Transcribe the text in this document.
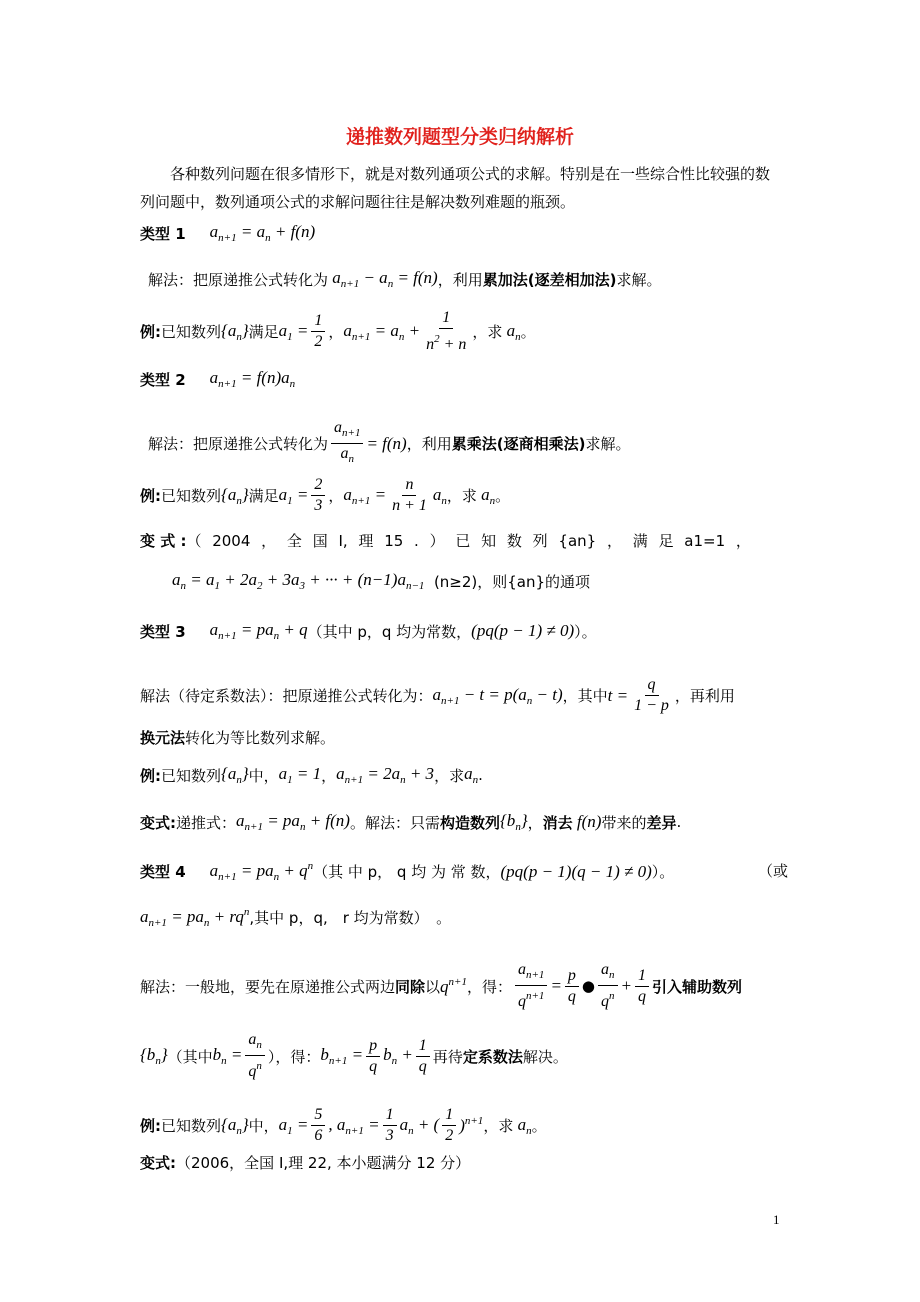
递推数列题型分类归纳解析
各种数列问题在很多情形下，就是对数列通项公式的求解。特别是在一些综合性比较强的数列问题中，数列通项公式的求解问题往往是解决数列难题的瓶颈。
类型 1 $a_{n+1} = a_n + f(n)$
解法：把原递推公式转化为 $a_{n+1} - a_n = f(n)$ ，利用 累加法(逐差相加法) 求解。
例: 已知数列 $\{a_n\}$ 满足 $a_1 = \frac{1}{2}$ ， $a_{n+1} = a_n + \frac{1}{n^2 + n}$ ，求 $a_n$ 。
类型 2 $a_{n+1} = f(n)a_n$
解法：把原递推公式转化为 $\frac{a_{n+1}}{a_n} = f(n)$ ，利用 累乘法(逐商相乘法) 求解。
例: 已知数列 $\{a_n\}$ 满足 $a_1 = \frac{2}{3}$ ， $a_{n+1} = \frac{n}{n + 1} a_n$ ，求 $a_n$ 。
变 式 : （ 2004 ， 全 国 I, 理 15 . ） 已 知 数 列 {an} ， 满 足 a1=1 ，
$a_n = a_1 + 2a_2 + 3a_3$ + ··· + $(n-1)a_{n-1}$
(n≥2)，则{an}的通项
类型 3 $a_{n+1} = pa_n + q$ （其中 p，q 均为常数， (pq(p − 1) ≠ 0) ）。
解法（待定系数法）：把原递推公式转化为： $a_{n+1} - t = p(a_n - t)$ ，其中 $t = \frac{q}{1 - p}$ ，再利用
换元法 转化为等比数列求解。
例: 已知数列 $\{a_n\}$ 中， $a_1 = 1$ ， $a_{n+1} = 2a_n + 3$ ，求 $a_n$ .
变式: 递推式： $a_{n+1} = pa_n + f(n)$ 。解法：只需 构造数列 $\{b_n\}$ ， 消去 f(n) 带来的 差异 .
类型 4 $a_{n+1} = pa_n + q^n$ （其 中 p， q 均 为 常 数， (pq(p − 1)(q − 1) ≠ 0) ）。	（或
$a_{n+1} = pa_n + rq^n$ ,其中 p，q,　r 均为常数）　。
解法：一般地，要先在原递推公式两边 同除 以 $q^{n+1}$ ，得： $\frac{a_{n+1}}{q^{n+1}} = \frac{p}{q}$ ● $\frac{a_n}{q^n} + \frac{1}{q}$ 引入辅助数列
$\{b_n\}$ （其中 $b_n = \frac{a_n}{q^n}$ ），得： $b_{n+1} = \frac{p}{q} b_n + \frac{1}{q}$ 再待 定系数法 解决。
例: 已知数列 $\{a_n\}$ 中， $a_1 = \frac{5}{6}$ , $a_{n+1} = \frac{1}{3} a_n$ + ( $\frac{1}{2} )^{n+1}$ ，求 $a_n$ 。
变式: （2006，全国 I,理 22, 本小题满分 12 分）
1
